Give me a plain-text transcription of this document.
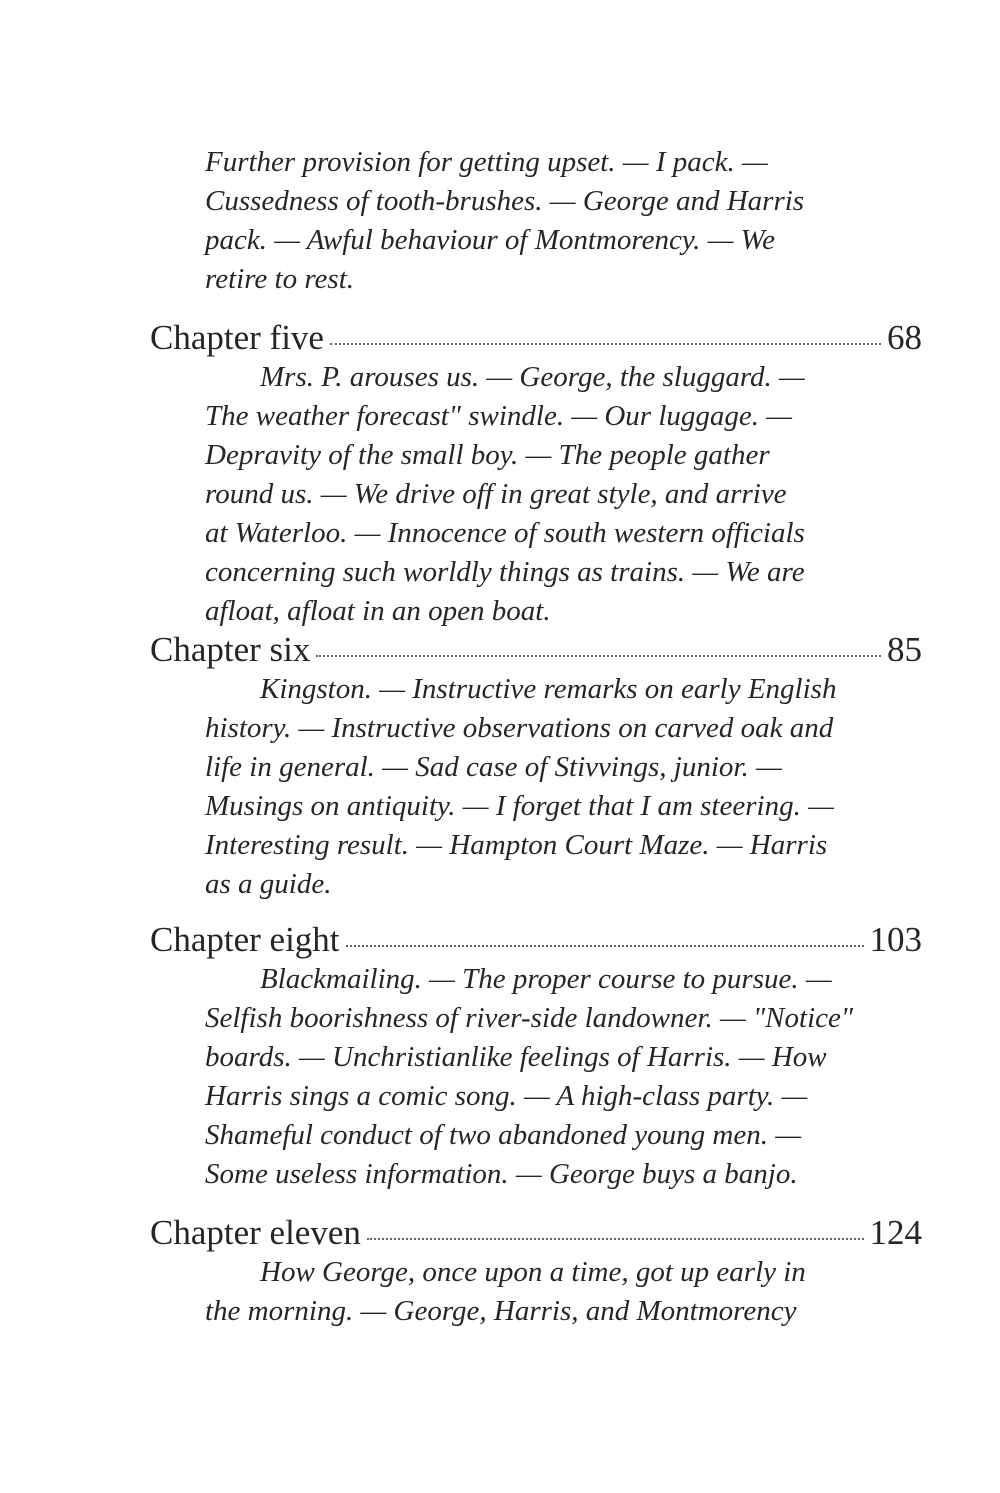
Further provision for getting upset. — I pack. —
Cussedness of tooth-brushes. — George and Harris
pack. — Awful behaviour of Montmorency. — We
retire to rest.
Chapter five	68
Mrs. P. arouses us. — George, the sluggard. —
The weather forecast" swindle. — Our luggage. —
Depravity of the small boy. — The people gather
round us. — We drive off in great style, and arrive
at Waterloo. — Innocence of south western officials
concerning such worldly things as trains. — We are
afloat, afloat in an open boat.
Chapter six	85
Kingston. — Instructive remarks on early English
history. — Instructive observations on carved oak and
life in general. — Sad case of Stivvings, junior. —
Musings on antiquity. — I forget that I am steering. —
Interesting result. — Hampton Court Maze. — Harris
as a guide.
Chapter eight	103
Blackmailing. — The proper course to pursue. —
Selfish boorishness of river-side landowner. — "Notice"
boards. — Unchristianlike feelings of Harris. — How
Harris sings a comic song. — A high-class party. —
Shameful conduct of two abandoned young men. —
Some useless information. — George buys a banjo.
Chapter eleven	124
How George, once upon a time, got up early in
the morning. — George, Harris, and Montmorency
